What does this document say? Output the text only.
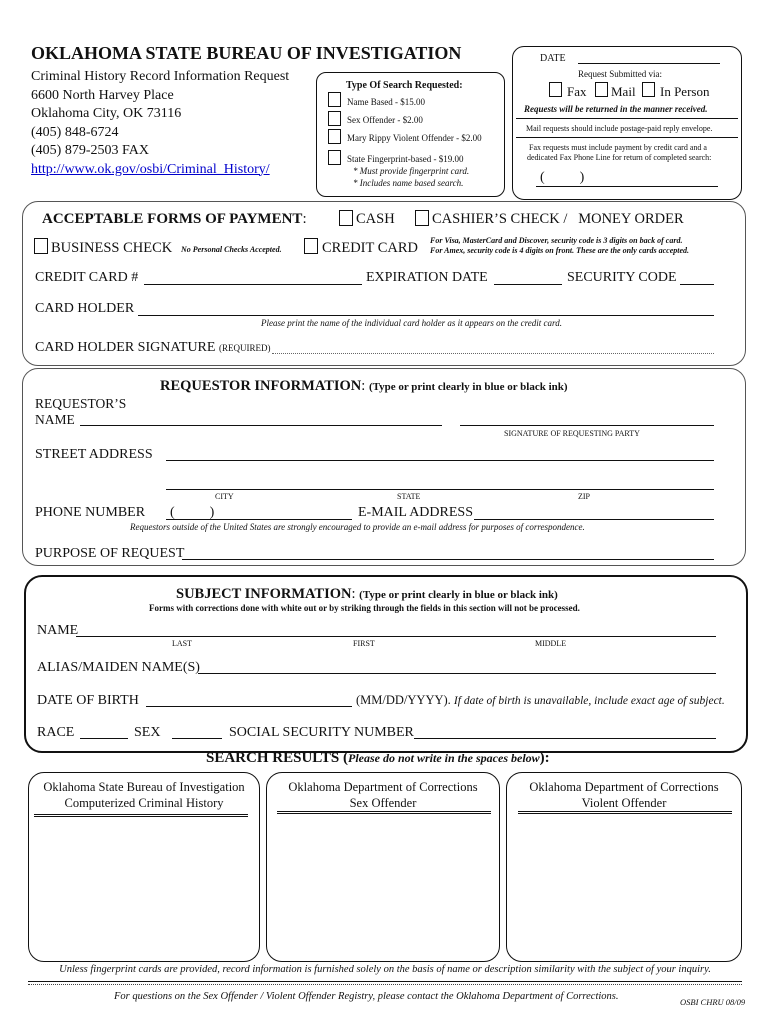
OKLAHOMA STATE BUREAU OF INVESTIGATION
Criminal History Record Information Request
6600 North Harvey Place
Oklahoma City, OK 73116
(405) 848-6724
(405) 879-2503 FAX
http://www.ok.gov/osbi/Criminal_History/
Type Of Search Requested:
Name Based - $15.00
Sex Offender - $2.00
Mary Rippy Violent Offender - $2.00
State Fingerprint-based - $19.00
* Must provide fingerprint card.
* Includes name based search.
DATE
Request Submitted via:
Fax Mail In Person
Requests will be returned in the manner received.
Mail requests should include postage-paid reply envelope.
Fax requests must include payment by credit card and a
dedicated Fax Phone Line for return of completed search:
(          )
ACCEPTABLE FORMS OF PAYMENT:	CASH	CASHIER’S CHECK /   MONEY ORDER
BUSINESS CHECK No Personal Checks Accepted.	CREDIT CARD For Visa, MasterCard and Discover, security code is 3 digits on back of card.
For Amex, security code is 4 digits on front. These are the only cards accepted.
CREDIT CARD #	EXPIRATION DATE	SECURITY CODE
CARD HOLDER
Please print the name of the individual card holder as it appears on the credit card.
CARD HOLDER SIGNATURE (REQUIRED)
REQUESTOR INFORMATION: (Type or print clearly in blue or black ink)
REQUESTOR’S
NAME
SIGNATURE OF REQUESTING PARTY
STREET ADDRESS
CITY	STATE	ZIP
PHONE NUMBER (          )	E-MAIL ADDRESS
Requestors outside of the United States are strongly encouraged to provide an e-mail address for purposes of correspondence.
PURPOSE OF REQUEST
SUBJECT INFORMATION: (Type or print clearly in blue or black ink)
Forms with corrections done with white out or by striking through the fields in this section will not be processed.
NAME
LAST	FIRST	MIDDLE
ALIAS/MAIDEN NAME(S)
DATE OF BIRTH	(MM/DD/YYYY). If date of birth is unavailable, include exact age of subject.
RACE	SEX	SOCIAL SECURITY NUMBER
SEARCH RESULTS (Please do not write in the spaces below):
Oklahoma State Bureau of Investigation
Computerized Criminal History
Oklahoma Department of Corrections
Sex Offender
Oklahoma Department of Corrections
Violent Offender
Unless fingerprint cards are provided, record information is furnished solely on the basis of name or description similarity with the subject of your inquiry.
For questions on the Sex Offender / Violent Offender Registry, please contact the Oklahoma Department of Corrections.	OSBI CHRU 08/09
